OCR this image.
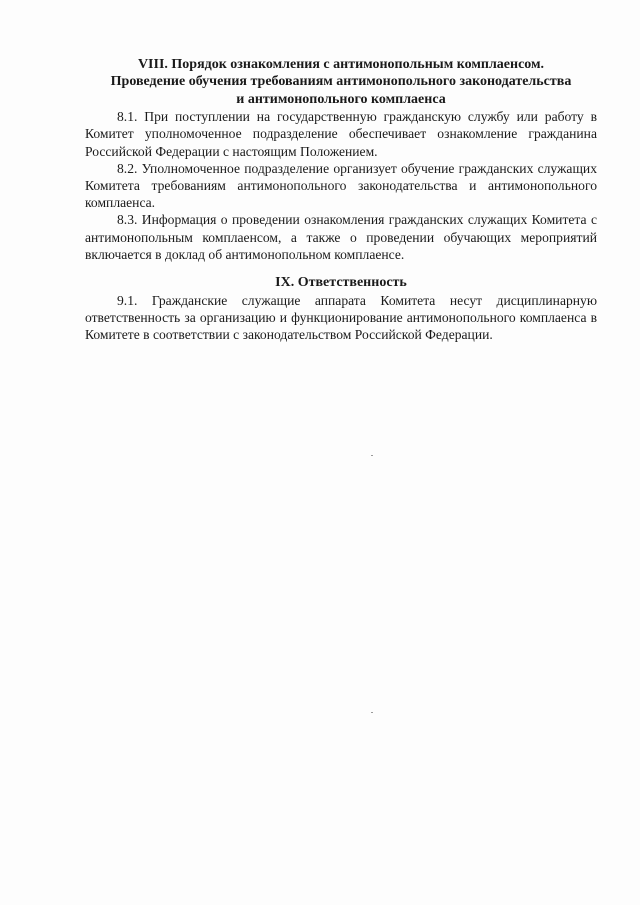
VIII. Порядок ознакомления с антимонопольным комплаенсом.
Проведение обучения требованиям антимонопольного законодательства
и антимонопольного комплаенса

8.1. При поступлении на государственную гражданскую службу или работу в Комитет уполномоченное подразделение обеспечивает ознакомление гражданина Российской Федерации с настоящим Положением.

8.2. Уполномоченное подразделение организует обучение гражданских служащих Комитета требованиям антимонопольного законодательства и антимонопольного комплаенса.

8.3. Информация о проведении ознакомления гражданских служащих Комитета с антимонопольным комплаенсом, а также о проведении обучающих мероприятий включается в доклад об антимонопольном комплаенсе.

IX. Ответственность

9.1. Гражданские служащие аппарата Комитета несут дисциплинарную ответственность за организацию и функционирование антимонопольного комплаенса в Комитете в соответствии с законодательством Российской Федерации.
